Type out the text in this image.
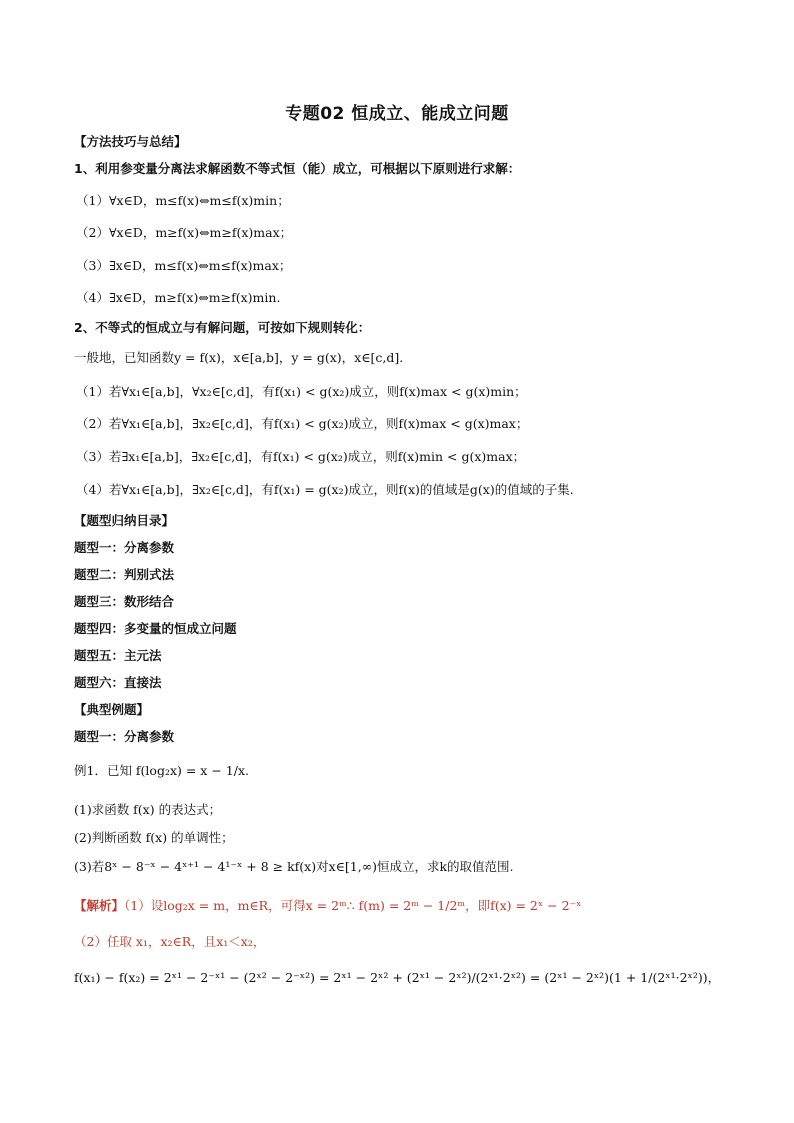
专题02 恒成立、能成立问题
【方法技巧与总结】
1、利用参变量分离法求解函数不等式恒（能）成立，可根据以下原则进行求解：
（1）∀x∈D，m≤f(x)⇔m≤f(x)min；
（2）∀x∈D，m≥f(x)⇔m≥f(x)max；
（3）∃x∈D，m≤f(x)⇔m≤f(x)max；
（4）∃x∈D，m≥f(x)⇔m≥f(x)min.
2、不等式的恒成立与有解问题，可按如下规则转化：
一般地，已知函数y = f(x)，x∈[a,b]，y = g(x)，x∈[c,d].
（1）若∀x₁∈[a,b]，∀x₂∈[c,d]，有f(x₁) < g(x₂)成立，则f(x)max < g(x)min；
（2）若∀x₁∈[a,b]，∃x₂∈[c,d]，有f(x₁) < g(x₂)成立，则f(x)max < g(x)max；
（3）若∃x₁∈[a,b]，∃x₂∈[c,d]，有f(x₁) < g(x₂)成立，则f(x)min < g(x)max；
（4）若∀x₁∈[a,b]，∃x₂∈[c,d]，有f(x₁) = g(x₂)成立，则f(x)的值域是g(x)的值域的子集.
【题型归纳目录】
题型一：分离参数
题型二：判别式法
题型三：数形结合
题型四：多变量的恒成立问题
题型五：主元法
题型六：直接法
【典型例题】
题型一：分离参数
例1．已知 f(log₂x) = x − 1/x.
(1)求函数 f(x) 的表达式；
(2)判断函数 f(x) 的单调性；
(3)若8ˣ − 8⁻ˣ − 4ˣ⁺¹ − 4¹⁻ˣ + 8 ≥ kf(x)对x∈[1,∞)恒成立，求k的取值范围.
【解析】（1）设log₂x = m，m∈R，可得x = 2ᵐ∴ f(m) = 2ᵐ − 1/2ᵐ，即f(x) = 2ˣ − 2⁻ˣ
（2）任取 x₁，x₂∈R，且x₁＜x₂，
f(x₁) − f(x₂) = 2ˣ¹ − 2⁻ˣ¹ − (2ˣ² − 2⁻ˣ²) = 2ˣ¹ − 2ˣ² + (2ˣ¹ − 2ˣ²)/(2ˣ¹·2ˣ²) = (2ˣ¹ − 2ˣ²)(1 + 1/(2ˣ¹·2ˣ²))，
